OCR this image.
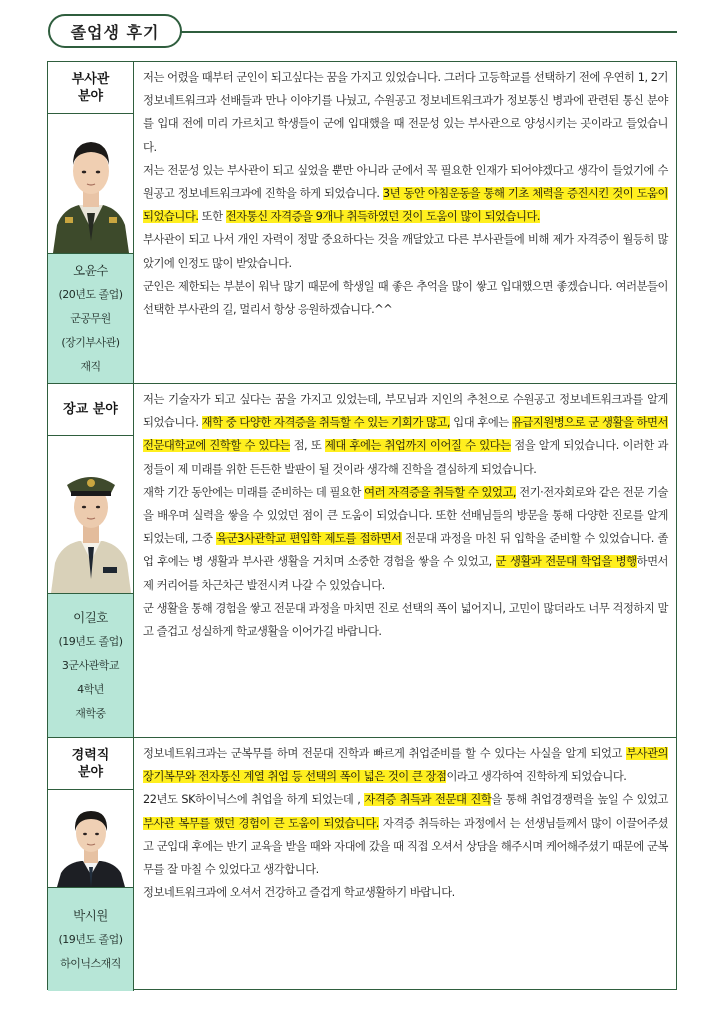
졸업생 후기
부사관
분야
오윤수
(20년도 졸업)
군공무원
(장기부사관)
재직

저는 어렸을 때부터 군인이 되고싶다는 꿈을 가지고 있었습니다. 그러다 고등학교를 선택하기 전에 우연히 1, 2기 정보네트워크과 선배들과 만나 이야기를 나눴고, 수원공고 정보네트워크과가 정보통신 병과에 관련된 통신 분야를 입대 전에 미리 가르치고 학생들이 군에 입대했을 때 전문성 있는 부사관으로 양성시키는 곳이라고 들었습니다.

저는 전문성 있는 부사관이 되고 싶었을 뿐만 아니라 군에서 꼭 필요한 인재가 되어야겠다고 생각이 들었기에 수원공고 정보네트워크과에 진학을 하게 되었습니다. 3년 동안 아침운동을 통해 기초 체력을 증진시킨 것이 도움이 되었습니다. 또한 전자통신 자격증을 9개나 취득하였던 것이 도움이 많이 되었습니다.

부사관이 되고 나서 개인 자력이 정말 중요하다는 것을 깨달았고 다른 부사관들에 비해 제가 자격증이 월등히 많았기에 인정도 많이 받았습니다.

군인은 제한되는 부분이 워낙 많기 때문에 학생일 때 좋은 추억을 많이 쌓고 입대했으면 좋겠습니다. 여러분들이 선택한 부사관의 길, 멀리서 항상 응원하겠습니다.^^

장교 분야
이길호
(19년도 졸업)
3군사관학교
4학년
재학중

저는 기술자가 되고 싶다는 꿈을 가지고 있었는데, 부모님과 지인의 추천으로 수원공고 정보네트워크과를 알게 되었습니다. 재학 중 다양한 자격증을 취득할 수 있는 기회가 많고, 입대 후에는 유급지원병으로 군 생활을 하면서 전문대학교에 진학할 수 있다는 점, 또 제대 후에는 취업까지 이어질 수 있다는 점을 알게 되었습니다. 이러한 과정들이 제 미래를 위한 든든한 발판이 될 것이라 생각해 진학을 결심하게 되었습니다.

재학 기간 동안에는 미래를 준비하는 데 필요한 여러 자격증을 취득할 수 있었고, 전기·전자회로와 같은 전문 기술을 배우며 실력을 쌓을 수 있었던 점이 큰 도움이 되었습니다. 또한 선배님들의 방문을 통해 다양한 진로를 알게 되었는데, 그중 육군3사관학교 편입학 제도를 접하면서 전문대 과정을 마친 뒤 입학을 준비할 수 있었습니다. 졸업 후에는 병 생활과 부사관 생활을 거치며 소중한 경험을 쌓을 수 있었고, 군 생활과 전문대 학업을 병행하면서 제 커리어를 차근차근 발전시켜 나갈 수 있었습니다.

군 생활을 통해 경험을 쌓고 전문대 과정을 마치면 진로 선택의 폭이 넓어지니, 고민이 많더라도 너무 걱정하지 말고 즐겁고 성실하게 학교생활을 이어가길 바랍니다.

경력직
분야
박시원
(19년도 졸업)
하이닉스재직

정보네트워크과는 군복무를 하며 전문대 진학과 빠르게 취업준비를 할 수 있다는 사실을 알게 되었고 부사관의 장기복무와 전자통신 계열 취업 등 선택의 폭이 넓은 것이 큰 장점이라고 생각하여 진학하게 되었습니다.

22년도 SK하이닉스에 취업을 하게 되었는데 , 자격증 취득과 전문대 진학을 통해 취업경쟁력을 높일 수 있었고 부사관 복무를 했던 경험이 큰 도움이 되었습니다. 자격증 취득하는 과정에서 는 선생님들께서 많이 이끌어주셨고 군입대 후에는 반기 교육을 받을 때와 자대에 갔을 때 직접 오셔서 상담을 해주시며 케어해주셨기 때문에 군복무를 잘 마칠 수 있었다고 생각합니다.

정보네트워크과에 오셔서 건강하고 즐겁게 학교생활하기 바랍니다.
